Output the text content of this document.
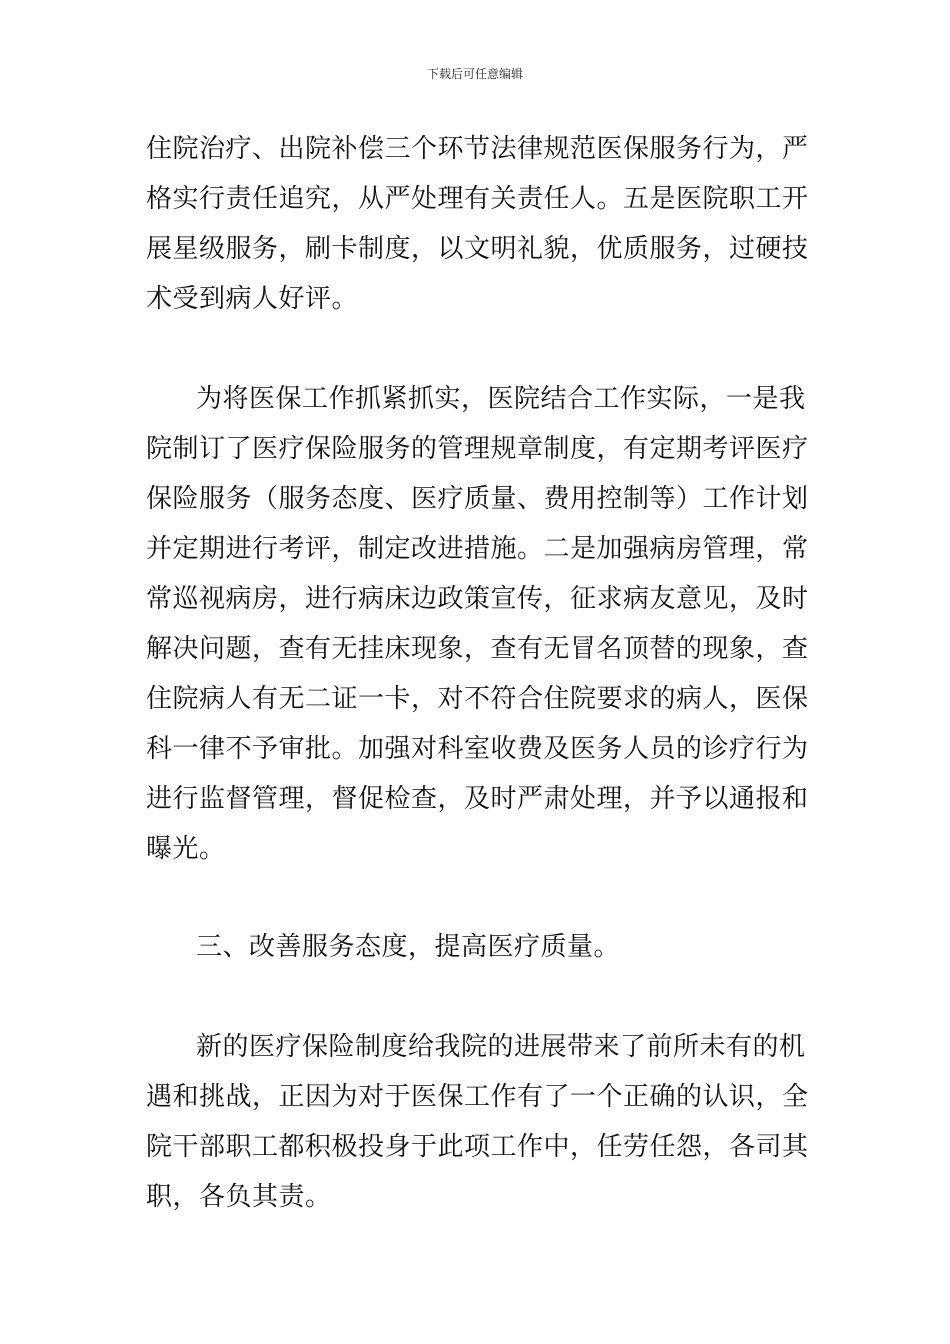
下载后可任意编辑
住院治疗、出院补偿三个环节法律规范医保服务行为，严
格实行责任追究，从严处理有关责任人。五是医院职工开
展星级服务，刷卡制度，以文明礼貌，优质服务，过硬技
术受到病人好评。
为将医保工作抓紧抓实，医院结合工作实际，一是我
院制订了医疗保险服务的管理规章制度，有定期考评医疗
保险服务（服务态度、医疗质量、费用控制等）工作计划
并定期进行考评，制定改进措施。二是加强病房管理，常
常巡视病房，进行病床边政策宣传，征求病友意见，及时
解决问题，查有无挂床现象，查有无冒名顶替的现象，查
住院病人有无二证一卡，对不符合住院要求的病人，医保
科一律不予审批。加强对科室收费及医务人员的诊疗行为
进行监督管理，督促检查，及时严肃处理，并予以通报和
曝光。
三、改善服务态度，提高医疗质量。
新的医疗保险制度给我院的进展带来了前所未有的机
遇和挑战，正因为对于医保工作有了一个正确的认识，全
院干部职工都积极投身于此项工作中，任劳任怨，各司其
职，各负其责。
